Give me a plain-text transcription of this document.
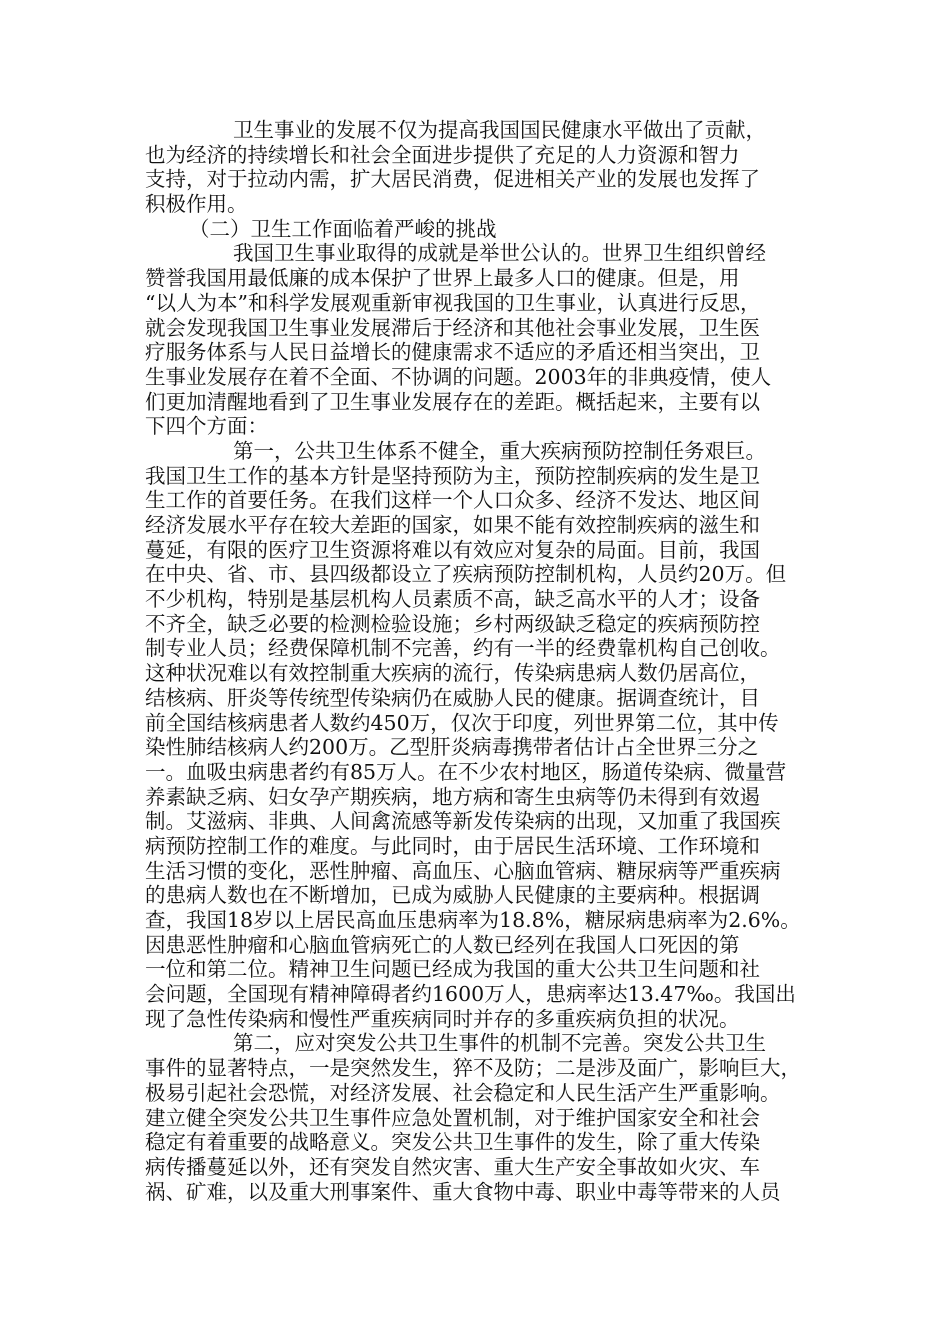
卫生事业的发展不仅为提高我国国民健康水平做出了贡献，
也为经济的持续增长和社会全面进步提供了充足的人力资源和智力
支持，对于拉动内需，扩大居民消费，促进相关产业的发展也发挥了
积极作用。
（二）卫生工作面临着严峻的挑战
我国卫生事业取得的成就是举世公认的。世界卫生组织曾经
赞誉我国用最低廉的成本保护了世界上最多人口的健康。但是，用
“以人为本”和科学发展观重新审视我国的卫生事业，认真进行反思，
就会发现我国卫生事业发展滞后于经济和其他社会事业发展，卫生医
疗服务体系与人民日益增长的健康需求不适应的矛盾还相当突出，卫
生事业发展存在着不全面、不协调的问题。2003年的非典疫情，使人
们更加清醒地看到了卫生事业发展存在的差距。概括起来，主要有以
下四个方面：
第一，公共卫生体系不健全，重大疾病预防控制任务艰巨。
我国卫生工作的基本方针是坚持预防为主，预防控制疾病的发生是卫
生工作的首要任务。在我们这样一个人口众多、经济不发达、地区间
经济发展水平存在较大差距的国家，如果不能有效控制疾病的滋生和
蔓延，有限的医疗卫生资源将难以有效应对复杂的局面。目前，我国
在中央、省、市、县四级都设立了疾病预防控制机构，人员约20万。但
不少机构，特别是基层机构人员素质不高，缺乏高水平的人才；设备
不齐全，缺乏必要的检测检验设施；乡村两级缺乏稳定的疾病预防控
制专业人员；经费保障机制不完善，约有一半的经费靠机构自己创收。
这种状况难以有效控制重大疾病的流行，传染病患病人数仍居高位，
结核病、肝炎等传统型传染病仍在威胁人民的健康。据调查统计，目
前全国结核病患者人数约450万，仅次于印度，列世界第二位，其中传
染性肺结核病人约200万。乙型肝炎病毒携带者估计占全世界三分之
一。血吸虫病患者约有85万人。在不少农村地区，肠道传染病、微量营
养素缺乏病、妇女孕产期疾病，地方病和寄生虫病等仍未得到有效遏
制。艾滋病、非典、人间禽流感等新发传染病的出现，又加重了我国疾
病预防控制工作的难度。与此同时，由于居民生活环境、工作环境和
生活习惯的变化，恶性肿瘤、高血压、心脑血管病、糖尿病等严重疾病
的患病人数也在不断增加，已成为威胁人民健康的主要病种。根据调
查，我国18岁以上居民高血压患病率为18.8%，糖尿病患病率为2.6%。
因患恶性肿瘤和心脑血管病死亡的人数已经列在我国人口死因的第
一位和第二位。精神卫生问题已经成为我国的重大公共卫生问题和社
会问题，全国现有精神障碍者约1600万人，患病率达13.47‰。我国出
现了急性传染病和慢性严重疾病同时并存的多重疾病负担的状况。
第二，应对突发公共卫生事件的机制不完善。突发公共卫生
事件的显著特点，一是突然发生，猝不及防；二是涉及面广，影响巨大，
极易引起社会恐慌，对经济发展、社会稳定和人民生活产生严重影响。
建立健全突发公共卫生事件应急处置机制，对于维护国家安全和社会
稳定有着重要的战略意义。突发公共卫生事件的发生，除了重大传染
病传播蔓延以外，还有突发自然灾害、重大生产安全事故如火灾、车
祸、矿难，以及重大刑事案件、重大食物中毒、职业中毒等带来的人员
